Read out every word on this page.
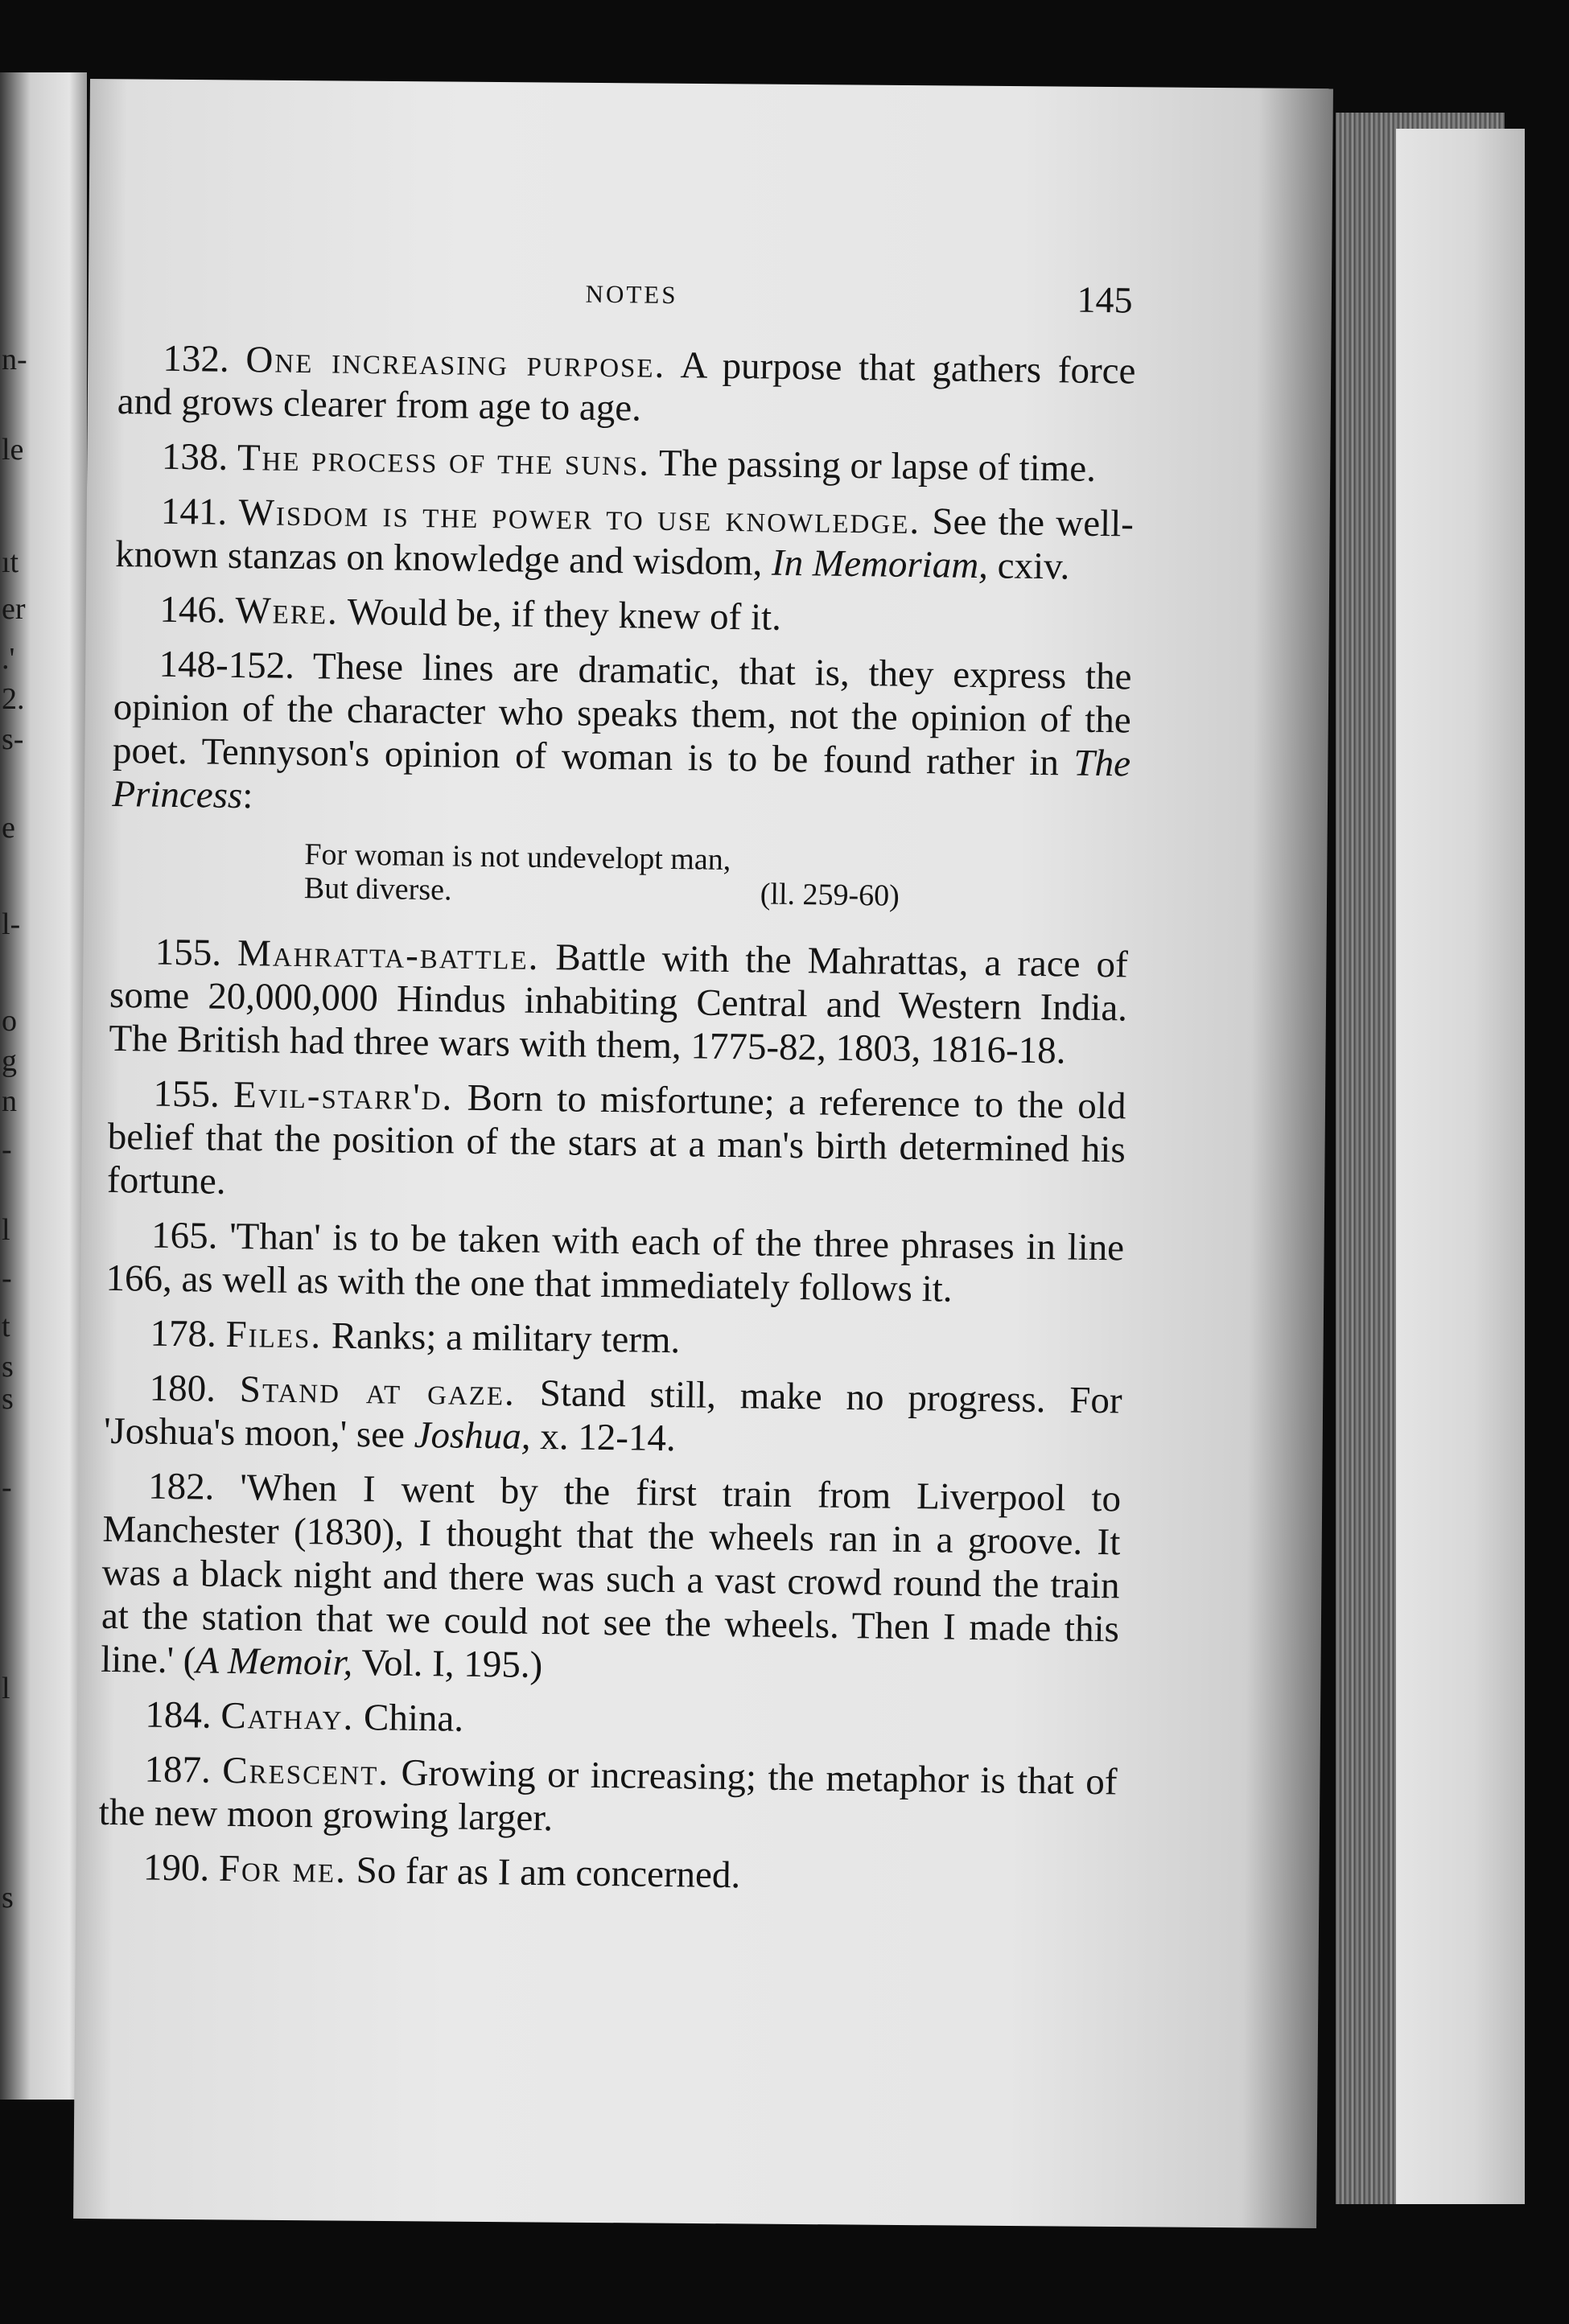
n-
le
ıt
er
.'
2.
s-
e
l-
o
g
n
-
l
-
t
s
s
-
l
s
NOTES	145

132. One increasing purpose. A purpose that gathers force and grows clearer from age to age.

138. The process of the suns. The passing or lapse of time.

141. Wisdom is the power to use knowledge. See the well-known stanzas on knowledge and wisdom, In Memoriam, cxiv.

146. Were. Would be, if they knew of it.

148-152. These lines are dramatic, that is, they express the opinion of the character who speaks them, not the opinion of the poet. Tennyson's opinion of woman is to be found rather in The Princess:

For woman is not undevelopt man,
But diverse.	(ll. 259-60)

155. Mahratta-battle. Battle with the Mahrattas, a race of some 20,000,000 Hindus inhabiting Central and Western India. The British had three wars with them, 1775-82, 1803, 1816-18.

155. Evil-starr'd. Born to misfortune; a reference to the old belief that the position of the stars at a man's birth determined his fortune.

165. 'Than' is to be taken with each of the three phrases in line 166, as well as with the one that immediately follows it.

178. Files. Ranks; a military term.

180. Stand at gaze. Stand still, make no progress. For 'Joshua's moon,' see Joshua, x. 12-14.

182. 'When I went by the first train from Liverpool to Manchester (1830), I thought that the wheels ran in a groove. It was a black night and there was such a vast crowd round the train at the station that we could not see the wheels. Then I made this line.' (A Memoir, Vol. I, 195.)

184. Cathay. China.

187. Crescent. Growing or increasing; the metaphor is that of the new moon growing larger.

190. For me. So far as I am concerned.
